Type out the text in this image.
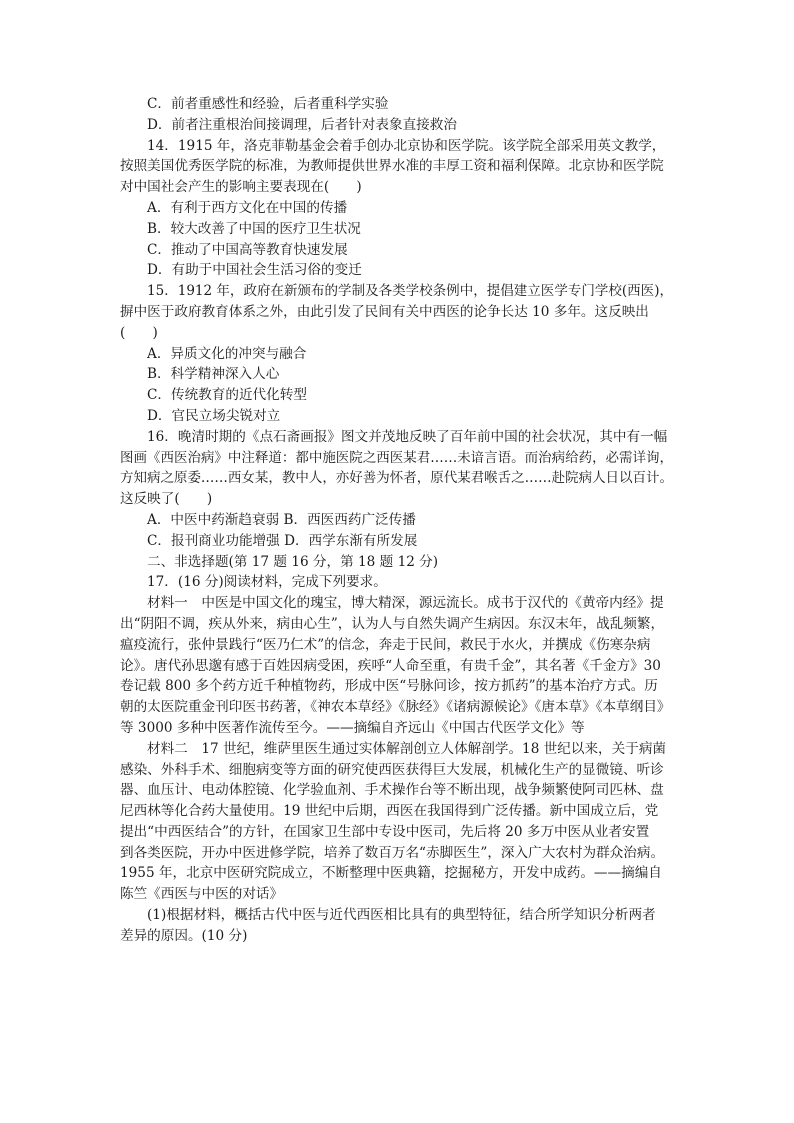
C．前者重感性和经验，后者重科学实验
D．前者注重根治间接调理，后者针对表象直接救治
14．1915 年，洛克菲勒基金会着手创办北京协和医学院。该学院全部采用英文教学，
按照美国优秀医学院的标准，为教师提供世界水准的丰厚工资和福利保障。北京协和医学院
对中国社会产生的影响主要表现在(　　)
A．有利于西方文化在中国的传播
B．较大改善了中国的医疗卫生状况
C．推动了中国高等教育快速发展
D．有助于中国社会生活习俗的变迁
15．1912 年，政府在新颁布的学制及各类学校条例中，提倡建立医学专门学校(西医)，
摒中医于政府教育体系之外，由此引发了民间有关中西医的论争长达 10 多年。这反映出
(　　)
A．异质文化的冲突与融合
B．科学精神深入人心
C．传统教育的近代化转型
D．官民立场尖锐对立
16．晚清时期的《点石斋画报》图文并茂地反映了百年前中国的社会状况，其中有一幅
图画《西医治病》中注释道：都中施医院之西医某君……未谙言语。而治病给药，必需详询，
方知病之原委……西女某，教中人，亦好善为怀者，原代某君喉舌之……赴院病人日以百计。
这反映了(　　)
A．中医中药渐趋衰弱 B．西医西药广泛传播
C．报刊商业功能增强 D．西学东渐有所发展
二、非选择题(第 17 题 16 分，第 18 题 12 分)
17．(16 分)阅读材料，完成下列要求。
材料一　中医是中国文化的瑰宝，博大精深，源远流长。成书于汉代的《黄帝内经》提
出“阴阳不调，疾从外来，病由心生”，认为人与自然失调产生病因。东汉末年，战乱频繁，
瘟疫流行，张仲景践行“医乃仁术”的信念，奔走于民间，救民于水火，并撰成《伤寒杂病
论》。唐代孙思邈有感于百姓因病受困，疾呼“人命至重，有贵千金”，其名著《千金方》30
卷记载 800 多个药方近千种植物药，形成中医“号脉问诊，按方抓药”的基本治疗方式。历
朝的太医院重金刊印医书药著，《神农本草经》《脉经》《诸病源候论》《唐本草》《本草纲目》
等 3000 多种中医著作流传至今。——摘编自齐远山《中国古代医学文化》等
材料二　17 世纪，维萨里医生通过实体解剖创立人体解剖学。18 世纪以来，关于病菌
感染、外科手术、细胞病变等方面的研究使西医获得巨大发展，机械化生产的显微镜、听诊
器、血压计、电动体腔镜、化学验血剂、手术操作台等不断出现，战争频繁使阿司匹林、盘
尼西林等化合药大量使用。19 世纪中后期，西医在我国得到广泛传播。新中国成立后，党
提出“中西医结合”的方针，在国家卫生部中专设中医司，先后将 20 多万中医从业者安置
到各类医院，开办中医进修学院，培养了数百万名“赤脚医生”，深入广大农村为群众治病。
1955 年，北京中医研究院成立，不断整理中医典籍，挖掘秘方，开发中成药。——摘编自
陈竺《西医与中医的对话》
(1)根据材料，概括古代中医与近代西医相比具有的典型特征，结合所学知识分析两者
差异的原因。(10 分)
